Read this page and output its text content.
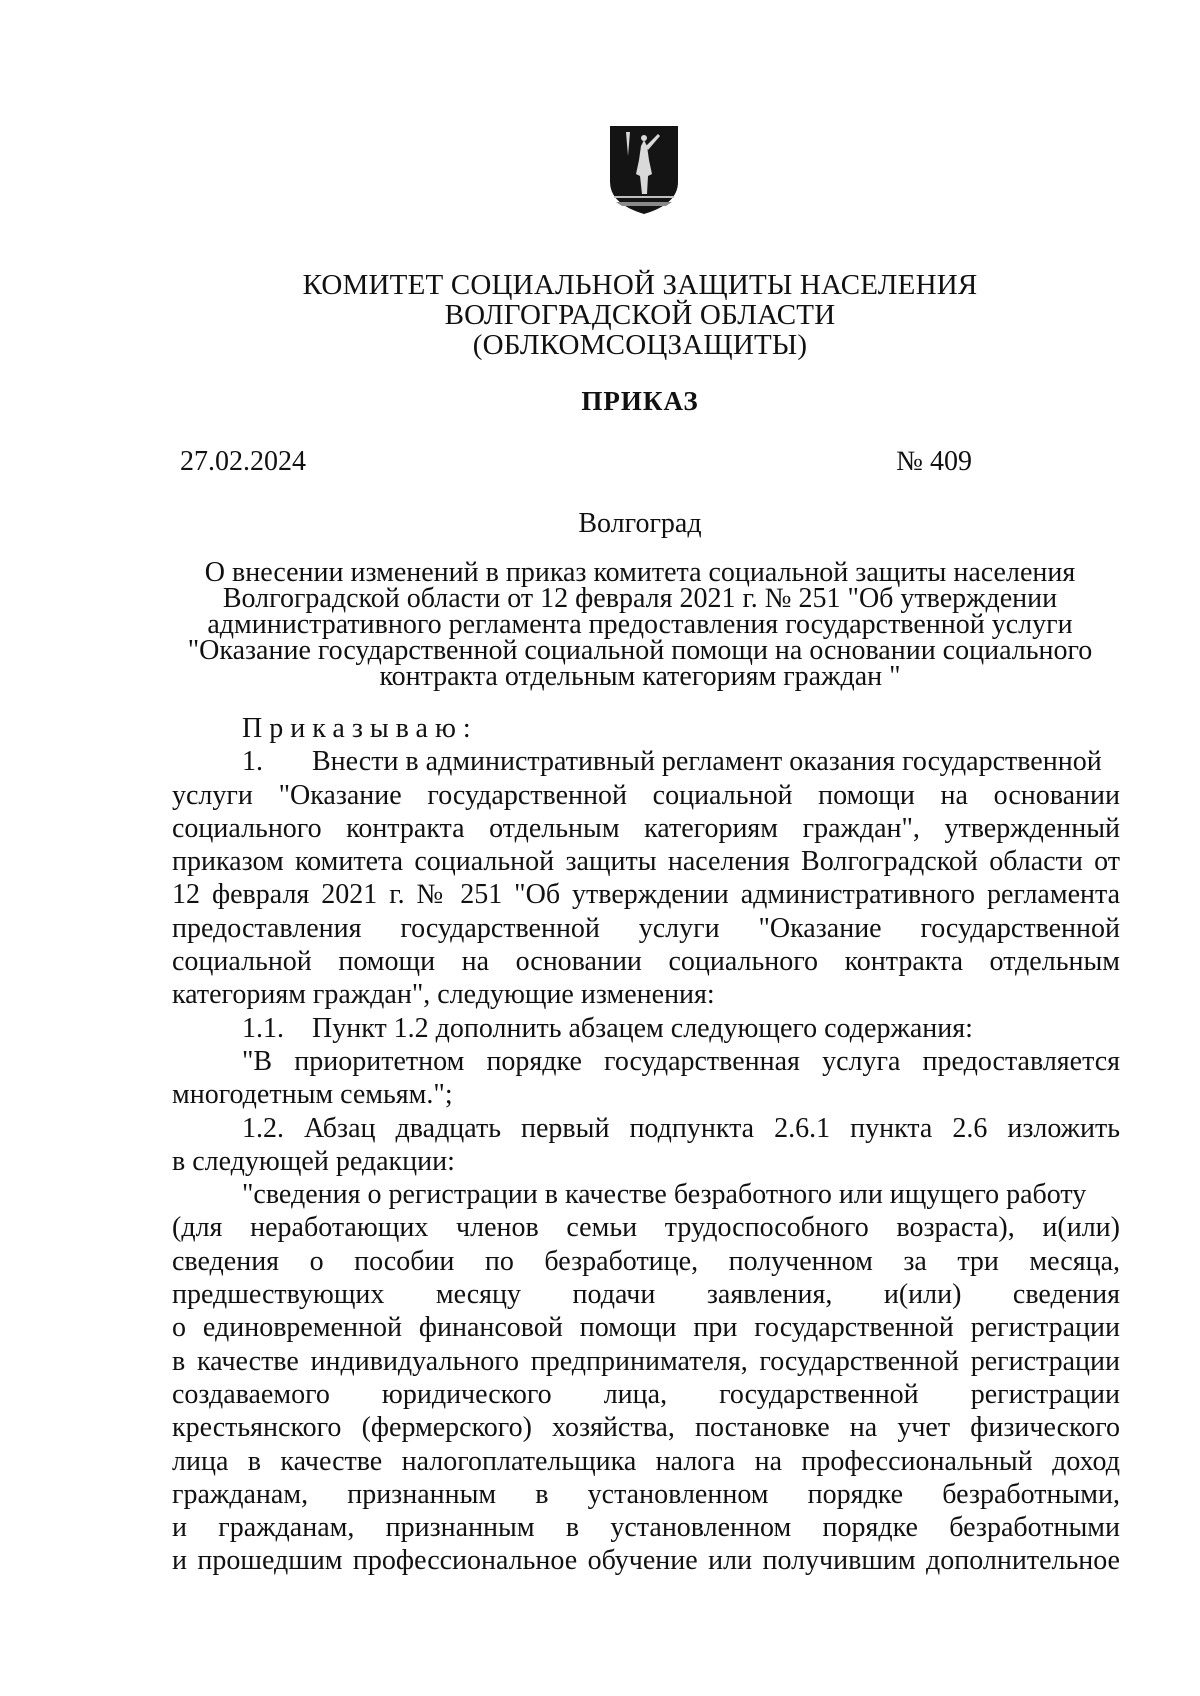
КОМИТЕТ СОЦИАЛЬНОЙ ЗАЩИТЫ НАСЕЛЕНИЯ
ВОЛГОГРАДСКОЙ ОБЛАСТИ
(ОБЛКОМСОЦЗАЩИТЫ)
ПРИКАЗ
27.02.2024	№ 409
Волгоград
О внесении изменений в приказ комитета социальной защиты населения
Волгоградской области от 12 февраля 2021 г. № 251 "Об утверждении
административного регламента предоставления государственной услуги
"Оказание государственной социальной помощи на основании социального
контракта отдельным категориям граждан "
Приказываю:
1. Внести в административный регламент оказания государственной
услуги "Оказание государственной социальной помощи на основании
социального контракта отдельным категориям граждан", утвержденный
приказом комитета социальной защиты населения Волгоградской области от
12 февраля 2021 г. № 251 "Об утверждении административного регламента
предоставления государственной услуги "Оказание государственной
социальной помощи на основании социального контракта отдельным
категориям граждан", следующие изменения:
1.1. Пункт 1.2 дополнить абзацем следующего содержания:
"В приоритетном порядке государственная услуга предоставляется
многодетным семьям.";
1.2. Абзац двадцать первый подпункта 2.6.1 пункта 2.6 изложить
в следующей редакции:
"сведения о регистрации в качестве безработного или ищущего работу
(для неработающих членов семьи трудоспособного возраста), и(или)
сведения о пособии по безработице, полученном за три месяца,
предшествующих месяцу подачи заявления, и(или) сведения
о единовременной финансовой помощи при государственной регистрации
в качестве индивидуального предпринимателя, государственной регистрации
создаваемого юридического лица, государственной регистрации
крестьянского (фермерского) хозяйства, постановке на учет физического
лица в качестве налогоплательщика налога на профессиональный доход
гражданам, признанным в установленном порядке безработными,
и гражданам, признанным в установленном порядке безработными
и прошедшим профессиональное обучение или получившим дополнительное
